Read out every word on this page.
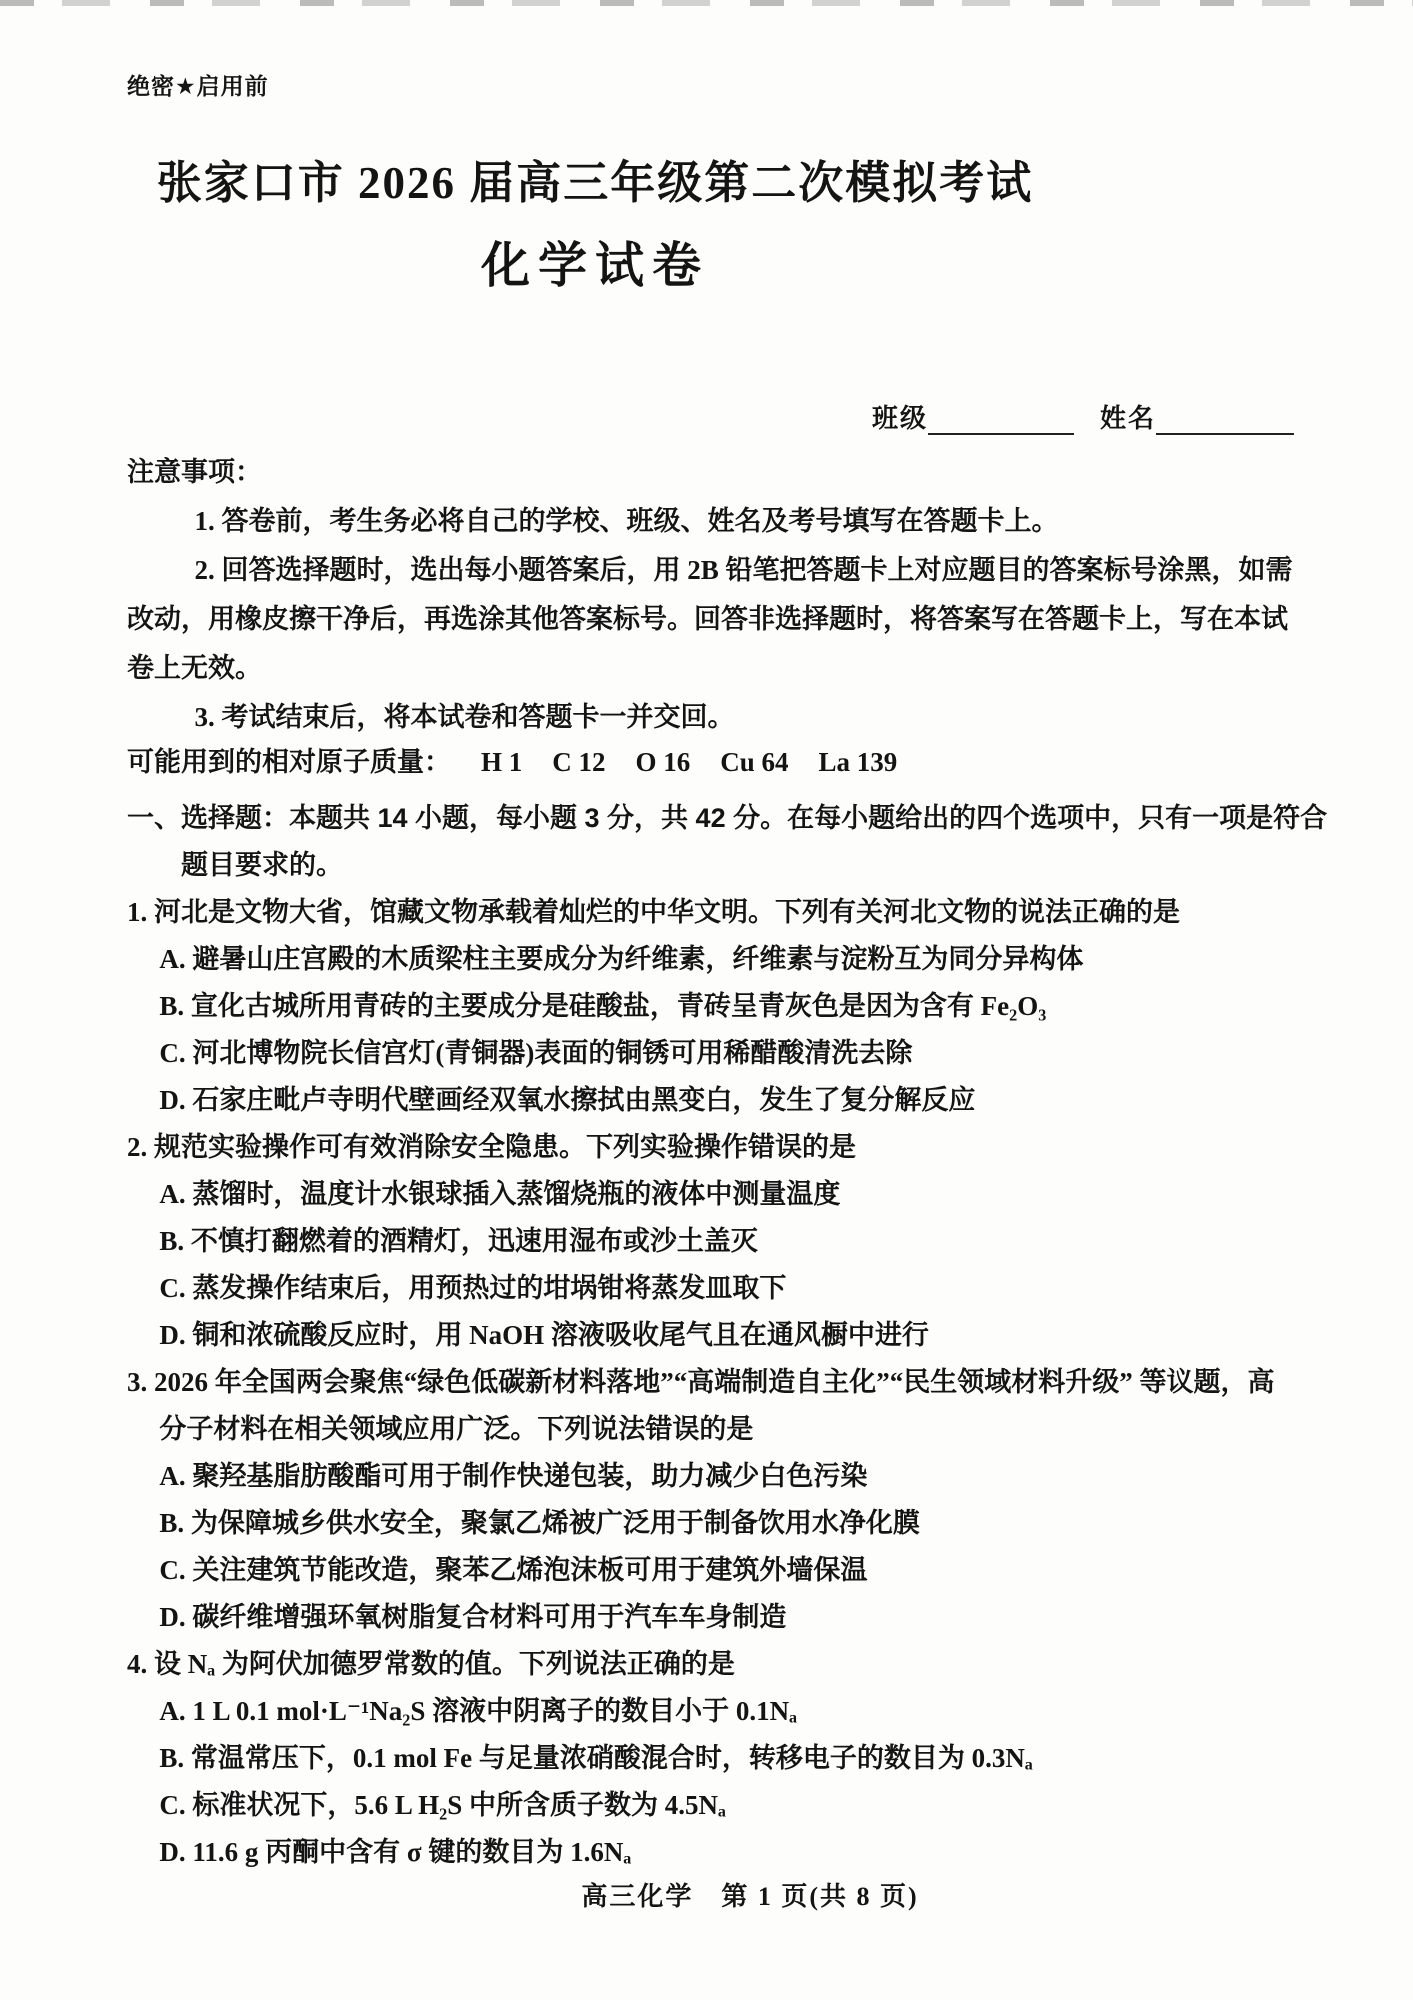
绝密★启用前
张家口市 2026 届高三年级第二次模拟考试
化学试卷
班级	姓名
注意事项：

1. 答卷前，考生务必将自己的学校、班级、姓名及考号填写在答题卡上。

2. 回答选择题时，选出每小题答案后，用 2B 铅笔把答题卡上对应题目的答案标号涂黑，如需改动，用橡皮擦干净后，再选涂其他答案标号。回答非选择题时，将答案写在答题卡上，写在本试卷上无效。

3. 考试结束后，将本试卷和答题卡一并交回。

可能用到的相对原子质量： H 1 C 12 O 16 Cu 64 La 139
一、选择题：本题共 14 小题，每小题 3 分，共 42 分。在每小题给出的四个选项中，只有一项是符合题目要求的。

1. 河北是文物大省，馆藏文物承载着灿烂的中华文明。下列有关河北文物的说法正确的是

A. 避暑山庄宫殿的木质梁柱主要成分为纤维素，纤维素与淀粉互为同分异构体

B. 宣化古城所用青砖的主要成分是硅酸盐，青砖呈青灰色是因为含有 Fe₂O₃

C. 河北博物院长信宫灯(青铜器)表面的铜锈可用稀醋酸清洗去除

D. 石家庄毗卢寺明代壁画经双氧水擦拭由黑变白，发生了复分解反应

2. 规范实验操作可有效消除安全隐患。下列实验操作错误的是

A. 蒸馏时，温度计水银球插入蒸馏烧瓶的液体中测量温度

B. 不慎打翻燃着的酒精灯，迅速用湿布或沙土盖灭

C. 蒸发操作结束后，用预热过的坩埚钳将蒸发皿取下

D. 铜和浓硫酸反应时，用 NaOH 溶液吸收尾气且在通风橱中进行

3. 2026 年全国两会聚焦“绿色低碳新材料落地”“高端制造自主化”“民生领域材料升级” 等议题，高分子材料在相关领域应用广泛。下列说法错误的是

A. 聚羟基脂肪酸酯可用于制作快递包装，助力减少白色污染

B. 为保障城乡供水安全，聚氯乙烯被广泛用于制备饮用水净化膜

C. 关注建筑节能改造，聚苯乙烯泡沫板可用于建筑外墙保温

D. 碳纤维增强环氧树脂复合材料可用于汽车车身制造

4. 设 Nₐ 为阿伏加德罗常数的值。下列说法正确的是

A. 1 L 0.1 mol·L⁻¹Na₂S 溶液中阴离子的数目小于 0.1Nₐ

B. 常温常压下，0.1 mol Fe 与足量浓硝酸混合时，转移电子的数目为 0.3Nₐ

C. 标准状况下，5.6 L H₂S 中所含质子数为 4.5Nₐ

D. 11.6 g 丙酮中含有 σ 键的数目为 1.6Nₐ

高三化学　第 1 页(共 8 页)
